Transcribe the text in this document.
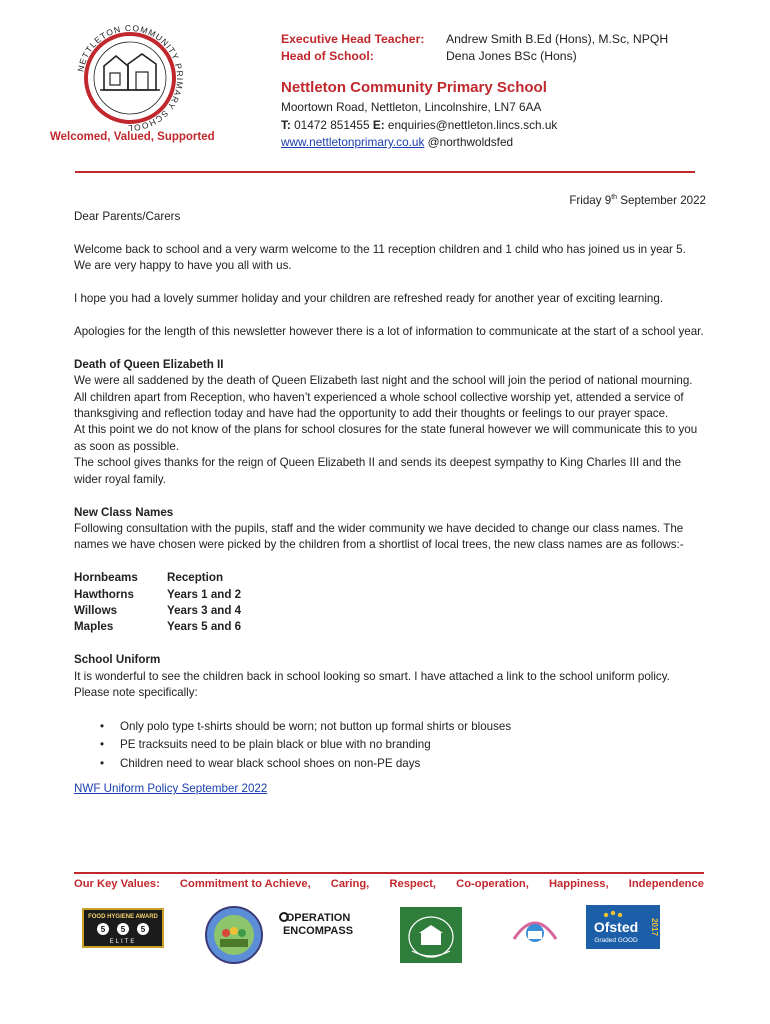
NETTLETON COMMUNITY PRIMARY SCHOOL
Welcomed, Valued, Supported
Executive Head Teacher:	Andrew Smith B.Ed (Hons), M.Sc, NPQH
Head of School:	Dena Jones BSc (Hons)
Nettleton Community Primary School
Moortown Road, Nettleton, Lincolnshire, LN7 6AA
T: 01472 851455 E: enquiries@nettleton.lincs.sch.uk
www.nettletonprimary.co.uk @northwoldsfed
Friday 9th September 2022

Dear Parents/Carers

Welcome back to school and a very warm welcome to the 11 reception children and 1 child who has joined us in year 5. We are very happy to have you all with us.

I hope you had a lovely summer holiday and your children are refreshed ready for another year of exciting learning.

Apologies for the length of this newsletter however there is a lot of information to communicate at the start of a school year.

Death of Queen Elizabeth II

We were all saddened by the death of Queen Elizabeth last night and the school will join the period of national mourning. All children apart from Reception, who haven’t experienced a whole school collective worship yet, attended a service of thanksgiving and reflection today and have had the opportunity to add their thoughts or feelings to our prayer space.

At this point we do not know of the plans for school closures for the state funeral however we will communicate this to you as soon as possible.

The school gives thanks for the reign of Queen Elizabeth II and sends its deepest sympathy to King Charles III and the wider royal family.

New Class Names

Following consultation with the pupils, staff and the wider community we have decided to change our class names. The names we have chosen were picked by the children from a shortlist of local trees, the new class names are as follows:-

Hornbeams	Reception
Hawthorns	Years 1 and 2
Willows	Years 3 and 4
Maples	Years 5 and 6
School Uniform

It is wonderful to see the children back in school looking so smart. I have attached a link to the school uniform policy. Please note specifically:

• Only polo type t-shirts should be worn; not button up formal shirts or blouses
• PE tracksuits need to be plain black or blue with no branding
• Children need to wear black school shoes on non-PE days
NWF Uniform Policy September 2022
Our Key Values: Commitment to Achieve, Caring, Respect, Co-operation, Happiness, Independence
FOOD HYGIENE AWARD
5 5 5
ELITE
OPERATION
ENCOMPASS	Ofsted
Graded GOOD
2017
